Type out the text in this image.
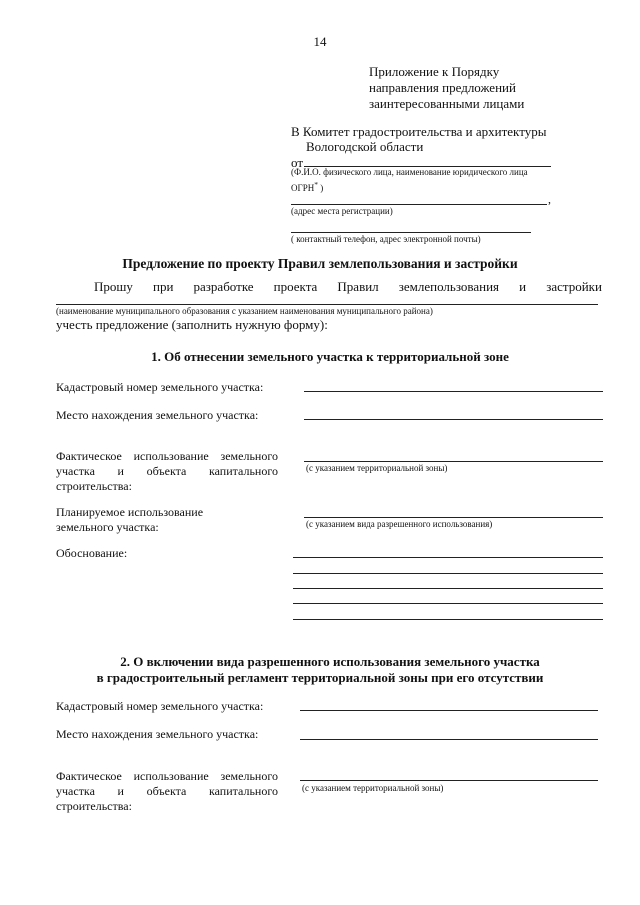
14
Приложение к Порядку
направления предложений
заинтересованными лицами
В Комитет градостроительства и архитектуры
Вологодской области
от
(Ф.И.О. физического лица, наименование юридического лица
ОГРН* )
,
(адрес места регистрации)
( контактный телефон, адрес электронной почты)
Предложение по проекту Правил землепользования и застройки
Прошу при разработке проекта Правил землепользования и застройки
(наименование муниципального образования с указанием наименования муниципального района)
учесть предложение (заполнить нужную форму):
1. Об отнесении земельного участка к территориальной зоне
Кадастровый номер земельного участка:
Место нахождения земельного участка:
Фактическое использование земельного
участка и объекта капитального
строительства:
(с указанием территориальной зоны)
Планируемое использование
земельного участка:	(с указанием вида разрешенного использования)
Обоснование:
2. О включении вида разрешенного использования земельного участка
в градостроительный регламент территориальной зоны при его отсутствии
Кадастровый номер земельного участка:
Место нахождения земельного участка:
Фактическое использование земельного
участка и объекта капитального
строительства:
(с указанием территориальной зоны)
